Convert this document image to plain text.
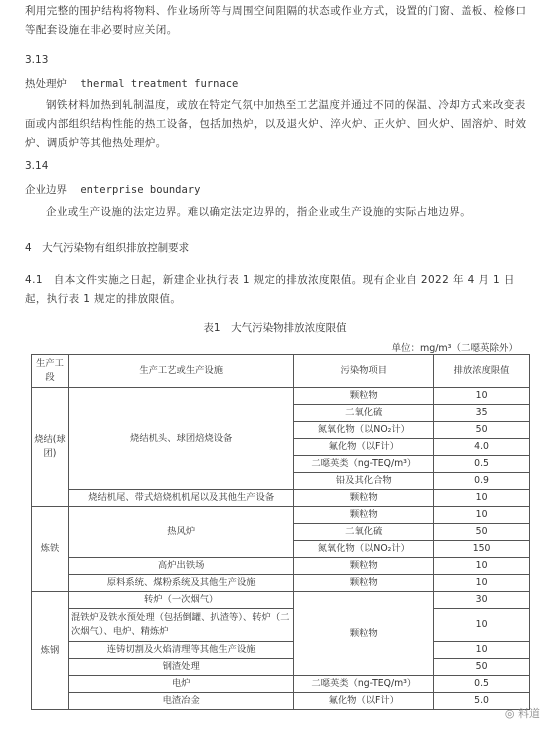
利用完整的围护结构将物料、作业场所等与周围空间阻隔的状态或作业方式，设置的门窗、盖板、检修口等配套设施在非必要时应关闭。
3.13
热处理炉 thermal treatment furnace
钢铁材料加热到轧制温度，或放在特定气氛中加热至工艺温度并通过不同的保温、冷却方式来改变表面或内部组织结构性能的热工设备，包括加热炉，以及退火炉、淬火炉、正火炉、回火炉、固溶炉、时效炉、调质炉等其他热处理炉。
3.14
企业边界 enterprise boundary
企业或生产设施的法定边界。难以确定法定边界的，指企业或生产设施的实际占地边界。
4　大气污染物有组织排放控制要求
4.1　自本文件实施之日起，新建企业执行表 1 规定的排放浓度限值。现有企业自 2022 年 4 月 1 日起，执行表 1 规定的排放限值。
表1　大气污染物排放浓度限值
单位：mg/m³（二噁英除外）
生产工段	生产工艺或生产设施	污染物项目	排放浓度限值
烧结(球团)	烧结机头、球团焙烧设备	颗粒物	10
		二氧化硫	35
		氮氧化物（以NO₂计）	50
		氟化物（以F计）	4.0
		二噁英类（ng-TEQ/m³）	0.5
		铅及其化合物	0.9
	烧结机尾、带式焙烧机机尾以及其他生产设备	颗粒物	10
炼铁	热风炉	颗粒物	10
		二氧化硫	50
		氮氧化物（以NO₂计）	150
	高炉出铁场	颗粒物	10
	原料系统、煤粉系统及其他生产设施	颗粒物	10
炼钢	转炉（一次烟气）	颗粒物	30
	混铁炉及铁水预处理（包括倒罐、扒渣等）、转炉（二次烟气）、电炉、精炼炉		10
	连铸切割及火焰清理等其他生产设施		10
	钢渣处理		50
	电炉	二噁英类（ng-TEQ/m³）	0.5
	电渣冶金	氟化物（以F计）	5.0
◎ 料道
